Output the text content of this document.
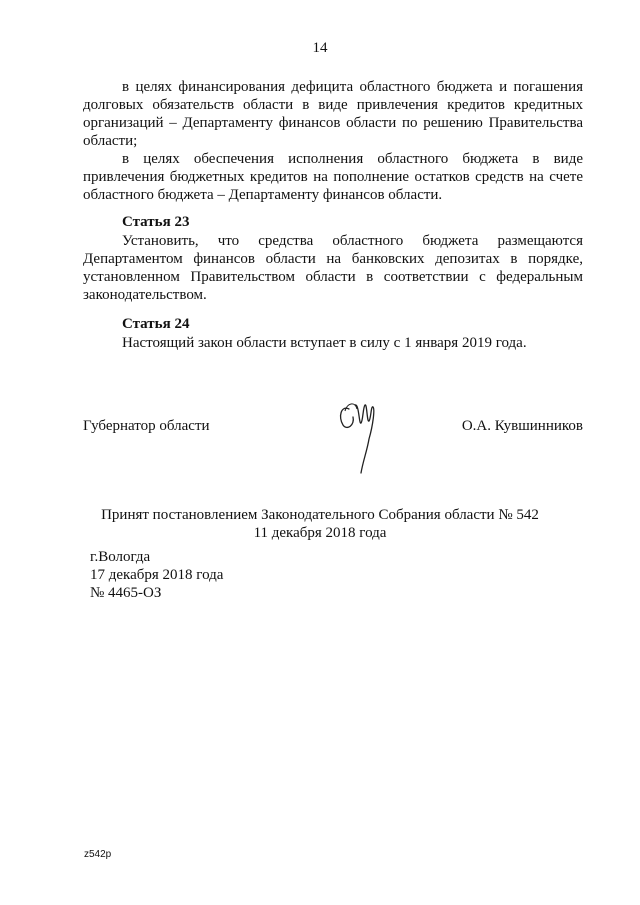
14

в целях финансирования дефицита областного бюджета и погашения долговых обязательств области в виде привлечения кредитов кредитных организаций – Департаменту финансов области по решению Правительства области;

в целях обеспечения исполнения областного бюджета в виде привлечения бюджетных кредитов на пополнение остатков средств на счете областного бюджета – Департаменту финансов области.

Статья 23

Установить, что средства областного бюджета размещаются Департаментом финансов области на банковских депозитах в порядке, установленном Правительством области в соответствии с федеральным законодательством.

Статья 24

Настоящий закон области вступает в силу с 1 января 2019 года.

Губернатор области	О.А. Кувшинников
Принят постановлением Законодательного Собрания области № 542
11 декабря 2018 года
г.Вологда
17 декабря 2018 года
№ 4465-ОЗ
z542p
